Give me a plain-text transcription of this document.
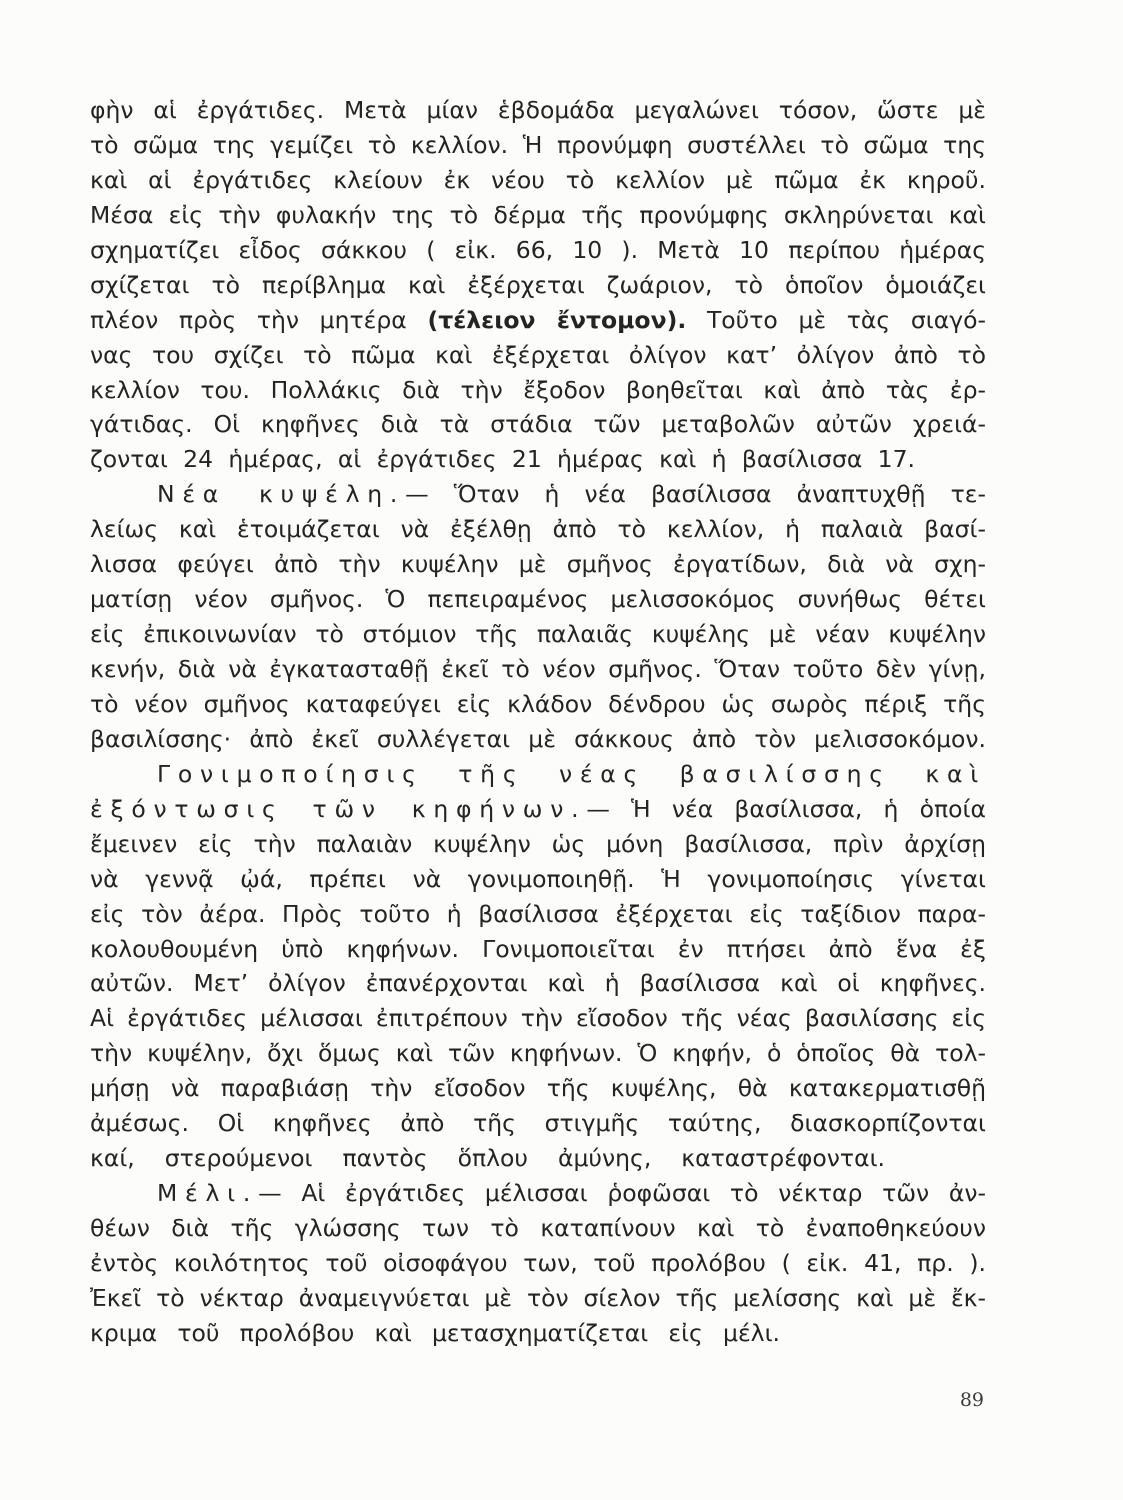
φὴν αἱ ἐργάτιδες. Μετὰ μίαν ἑβδομάδα μεγαλώνει τόσον, ὥστε μὲ
τὸ σῶμα της γεμίζει τὸ κελλίον. Ἡ προνύμφη συστέλλει τὸ σῶμα της
καὶ αἱ ἐργάτιδες κλείουν ἐκ νέου τὸ κελλίον μὲ πῶμα ἐκ κηροῦ.
Μέσα εἰς τὴν φυλακήν της τὸ δέρμα τῆς προνύμφης σκληρύνεται καὶ
σχηματίζει εἶδος σάκκου ( εἰκ. 66, 10 ). Μετὰ 10 περίπου ἡμέρας
σχίζεται τὸ περίβλημα καὶ ἐξέρχεται ζωάριον, τὸ ὁποῖον ὁμοιάζει
πλέον πρὸς τὴν μητέρα (τέλειον ἔντομον). Τοῦτο μὲ τὰς σιαγό-
νας του σχίζει τὸ πῶμα καὶ ἐξέρχεται ὀλίγον κατ’ ὀλίγον ἀπὸ τὸ
κελλίον του. Πολλάκις διὰ τὴν ἔξοδον βοηθεῖται καὶ ἀπὸ τὰς ἐρ-
γάτιδας. Οἱ κηφῆνες διὰ τὰ στάδια τῶν μεταβολῶν αὐτῶν χρειά-
ζονται 24 ἡμέρας, αἱ ἐργάτιδες 21 ἡμέρας καὶ ἡ βασίλισσα 17.
Νέα κυψέλη.— Ὅταν ἡ νέα βασίλισσα ἀναπτυχθῇ τε-
λείως καὶ ἑτοιμάζεται νὰ ἐξέλθῃ ἀπὸ τὸ κελλίον, ἡ παλαιὰ βασί-
λισσα φεύγει ἀπὸ τὴν κυψέλην μὲ σμῆνος ἐργατίδων, διὰ νὰ σχη-
ματίσῃ νέον σμῆνος. Ὁ πεπειραμένος μελισσοκόμος συνήθως θέτει
εἰς ἐπικοινωνίαν τὸ στόμιον τῆς παλαιᾶς κυψέλης μὲ νέαν κυψέλην
κενήν, διὰ νὰ ἐγκατασταθῇ ἐκεῖ τὸ νέον σμῆνος. Ὅταν τοῦτο δὲν γίνῃ,
τὸ νέον σμῆνος καταφεύγει εἰς κλάδον δένδρου ὡς σωρὸς πέριξ τῆς
βασιλίσσης· ἀπὸ ἐκεῖ συλλέγεται μὲ σάκκους ἀπὸ τὸν μελισσοκόμον.
Γονιμοποίησις τῆς νέας βασιλίσσης καὶ
ἐξόντωσις τῶν κηφήνων.— Ἡ νέα βασίλισσα, ἡ ὁποία
ἔμεινεν εἰς τὴν παλαιὰν κυψέλην ὡς μόνη βασίλισσα, πρὶν ἀρχίσῃ
νὰ γεννᾷ ᾠά, πρέπει νὰ γονιμοποιηθῇ. Ἡ γονιμοποίησις γίνεται
εἰς τὸν ἀέρα. Πρὸς τοῦτο ἡ βασίλισσα ἐξέρχεται εἰς ταξίδιον παρα-
κολουθουμένη ὑπὸ κηφήνων. Γονιμοποιεῖται ἐν πτήσει ἀπὸ ἕνα ἐξ
αὐτῶν. Μετ’ ὀλίγον ἐπανέρχονται καὶ ἡ βασίλισσα καὶ οἱ κηφῆνες.
Αἱ ἐργάτιδες μέλισσαι ἐπιτρέπουν τὴν εἴσοδον τῆς νέας βασιλίσσης εἰς
τὴν κυψέλην, ὄχι ὅμως καὶ τῶν κηφήνων. Ὁ κηφήν, ὁ ὁποῖος θὰ τολ-
μήσῃ νὰ παραβιάσῃ τὴν εἴσοδον τῆς κυψέλης, θὰ κατακερματισθῇ
ἀμέσως. Οἱ κηφῆνες ἀπὸ τῆς στιγμῆς ταύτης, διασκορπίζονται
καί, στερούμενοι παντὸς ὅπλου ἀμύνης, καταστρέφονται.
Μέλι.— Αἱ ἐργάτιδες μέλισσαι ῥοφῶσαι τὸ νέκταρ τῶν ἀν-
θέων διὰ τῆς γλώσσης των τὸ καταπίνουν καὶ τὸ ἐναποθηκεύουν
ἐντὸς κοιλότητος τοῦ οἰσοφάγου των, τοῦ προλόβου ( εἰκ. 41, πρ. ).
Ἐκεῖ τὸ νέκταρ ἀναμειγνύεται μὲ τὸν σίελον τῆς μελίσσης καὶ μὲ ἔκ-
κριμα τοῦ προλόβου καὶ μετασχηματίζεται εἰς μέλι.
89
